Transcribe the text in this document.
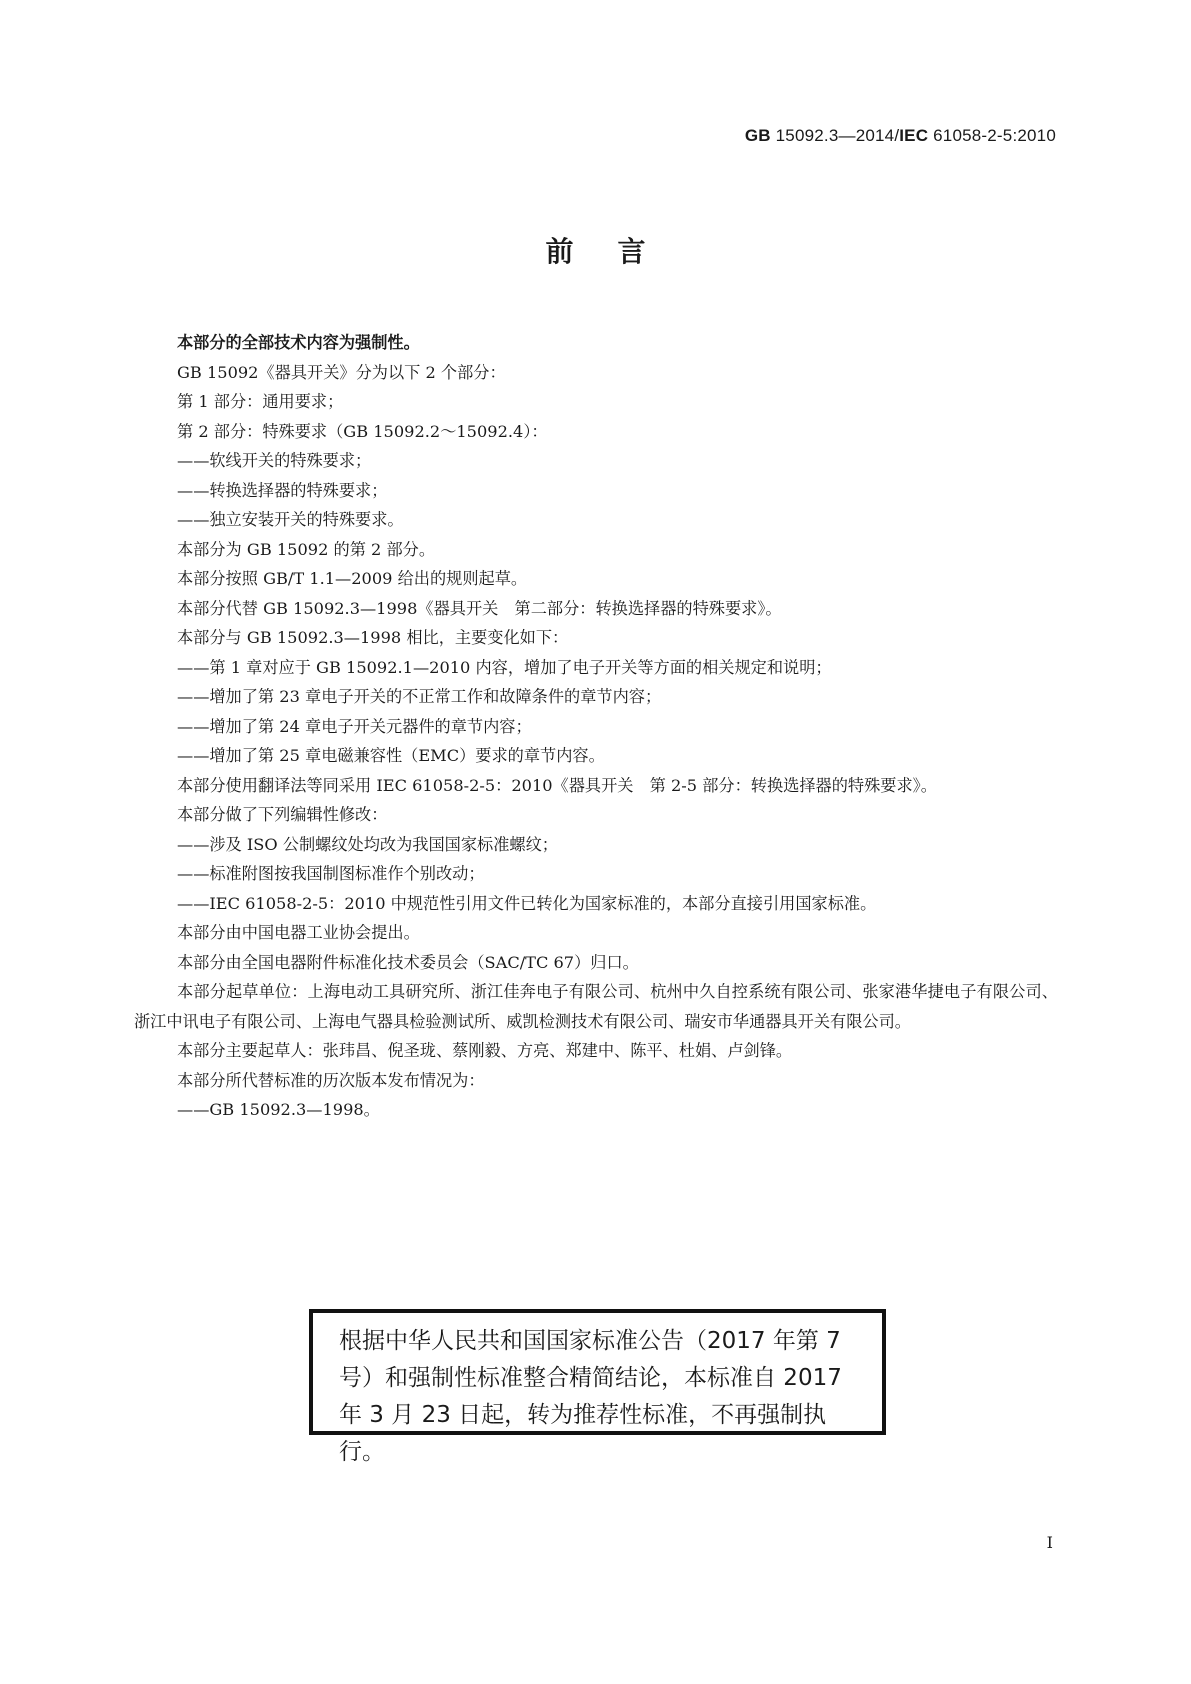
GB 15092.3—2014/IEC 61058-2-5:2010
前言

本部分的全部技术内容为强制性。

GB 15092《器具开关》分为以下 2 个部分：

第 1 部分：通用要求；

第 2 部分：特殊要求（GB 15092.2～15092.4）：

——软线开关的特殊要求；

——转换选择器的特殊要求；

——独立安装开关的特殊要求。

本部分为 GB 15092 的第 2 部分。

本部分按照 GB/T 1.1—2009 给出的规则起草。

本部分代替 GB 15092.3—1998《器具开关　第二部分：转换选择器的特殊要求》。

本部分与 GB 15092.3—1998 相比，主要变化如下：

——第 1 章对应于 GB 15092.1—2010 内容，增加了电子开关等方面的相关规定和说明；

——增加了第 23 章电子开关的不正常工作和故障条件的章节内容；

——增加了第 24 章电子开关元器件的章节内容；

——增加了第 25 章电磁兼容性（EMC）要求的章节内容。

本部分使用翻译法等同采用 IEC 61058-2-5：2010《器具开关　第 2-5 部分：转换选择器的特殊要求》。

本部分做了下列编辑性修改：

——涉及 ISO 公制螺纹处均改为我国国家标准螺纹；

——标准附图按我国制图标准作个别改动；

——IEC 61058-2-5：2010 中规范性引用文件已转化为国家标准的，本部分直接引用国家标准。

本部分由中国电器工业协会提出。

本部分由全国电器附件标准化技术委员会（SAC/TC 67）归口。

本部分起草单位：上海电动工具研究所、浙江佳奔电子有限公司、杭州中久自控系统有限公司、张家港华捷电子有限公司、浙江中讯电子有限公司、上海电气器具检验测试所、威凯检测技术有限公司、瑞安市华通器具开关有限公司。

本部分主要起草人：张玮昌、倪圣珑、蔡刚毅、方亮、郑建中、陈平、杜娟、卢剑锋。

本部分所代替标准的历次版本发布情况为：

——GB 15092.3—1998。

根据中华人民共和国国家标准公告（2017 年第 7 号）和强制性标准整合精简结论，本标准自 2017 年 3 月 23 日起，转为推荐性标准，不再强制执行。
I
